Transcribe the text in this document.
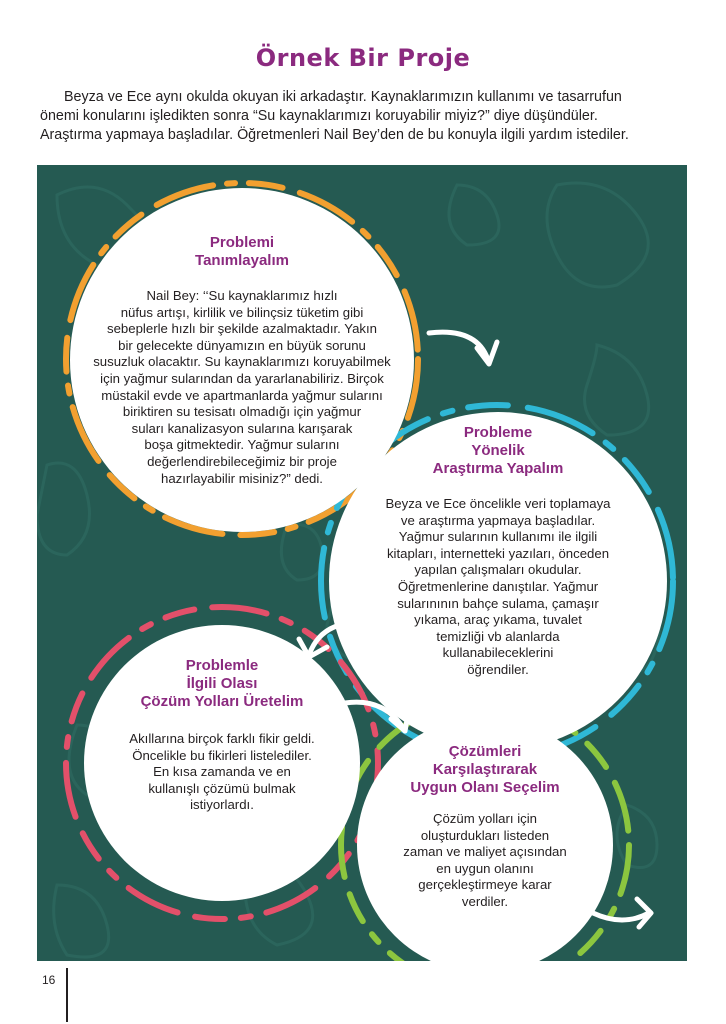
Örnek Bir Proje

Beyza ve Ece aynı okulda okuyan iki arkadaştır. Kaynaklarımızın kullanımı ve tasarrufun

önemi konularını işledikten sonra “Su kaynaklarımızı koruyabilir miyiz?” diye düşündüler.
Araştırma yapmaya başladılar. Öğretmenleri Nail Bey’den de bu konuyla ilgili yardım istediler.
Problemi
Tanımlayalım
Nail Bey: ‘‘Su kaynaklarımız hızlı
nüfus artışı, kirlilik ve bilinçsiz tüketim gibi
sebeplerle hızlı bir şekilde azalmaktadır. Yakın
bir gelecekte dünyamızın en büyük sorunu
susuzluk olacaktır. Su kaynaklarımızı koruyabilmek
için yağmur sularından da yararlanabiliriz. Birçok
müstakil evde ve apartmanlarda yağmur sularını
biriktiren su tesisatı olmadığı için yağmur
suları kanalizasyon sularına karışarak
boşa gitmektedir. Yağmur sularını
değerlendirebileceğimiz bir proje
hazırlayabilir misiniz?” dedi.
Probleme
Yönelik
Araştırma Yapalım
Beyza ve Ece öncelikle veri toplamaya
ve araştırma yapmaya başladılar.
Yağmur sularının kullanımı ile ilgili
kitapları, internetteki yazıları, önceden
yapılan çalışmaları okudular.
Öğretmenlerine danıştılar. Yağmur
sularınının bahçe sulama, çamaşır
yıkama, araç yıkama, tuvalet
temizliği vb alanlarda
kullanabileceklerini
öğrendiler.
Problemle
İlgili Olası
Çözüm Yolları Üretelim
Akıllarına birçok farklı fikir geldi.
Öncelikle bu fikirleri listelediler.
En kısa zamanda ve en
kullanışlı çözümü bulmak
istiyorlardı.
Çözümleri
Karşılaştırarak
Uygun Olanı Seçelim
Çözüm yolları için
oluşturdukları listeden
zaman ve maliyet açısından
en uygun olanını
gerçekleştirmeye karar
verdiler.
16
